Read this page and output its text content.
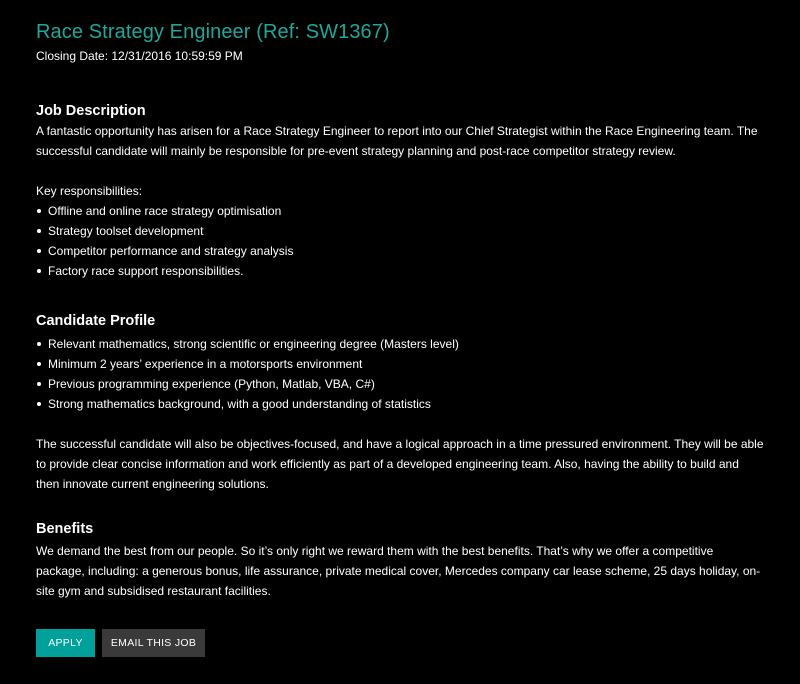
Race Strategy Engineer (Ref: SW1367)
Closing Date: 12/31/2016 10:59:59 PM
Job Description

A fantastic opportunity has arisen for a Race Strategy Engineer to report into our Chief Strategist within the Race Engineering team. The successful candidate will mainly be responsible for pre-event strategy planning and post-race competitor strategy review.

Key responsibilities:

Offline and online race strategy optimisation
Strategy toolset development
Competitor performance and strategy analysis
Factory race support responsibilities.
Candidate Profile
Relevant mathematics, strong scientific or engineering degree (Masters level)
Minimum 2 years’ experience in a motorsports environment
Previous programming experience (Python, Matlab, VBA, C#)
Strong mathematics background, with a good understanding of statistics

The successful candidate will also be objectives-focused, and have a logical approach in a time pressured environment. They will be able to provide clear concise information and work efficiently as part of a developed engineering team. Also, having the ability to build and then innovate current engineering solutions.

Benefits

We demand the best from our people. So it’s only right we reward them with the best benefits. That’s why we offer a competitive package, including: a generous bonus, life assurance, private medical cover, Mercedes company car lease scheme, 25 days holiday, on-site gym and subsidised restaurant facilities.

APPLY	EMAIL THIS JOB
